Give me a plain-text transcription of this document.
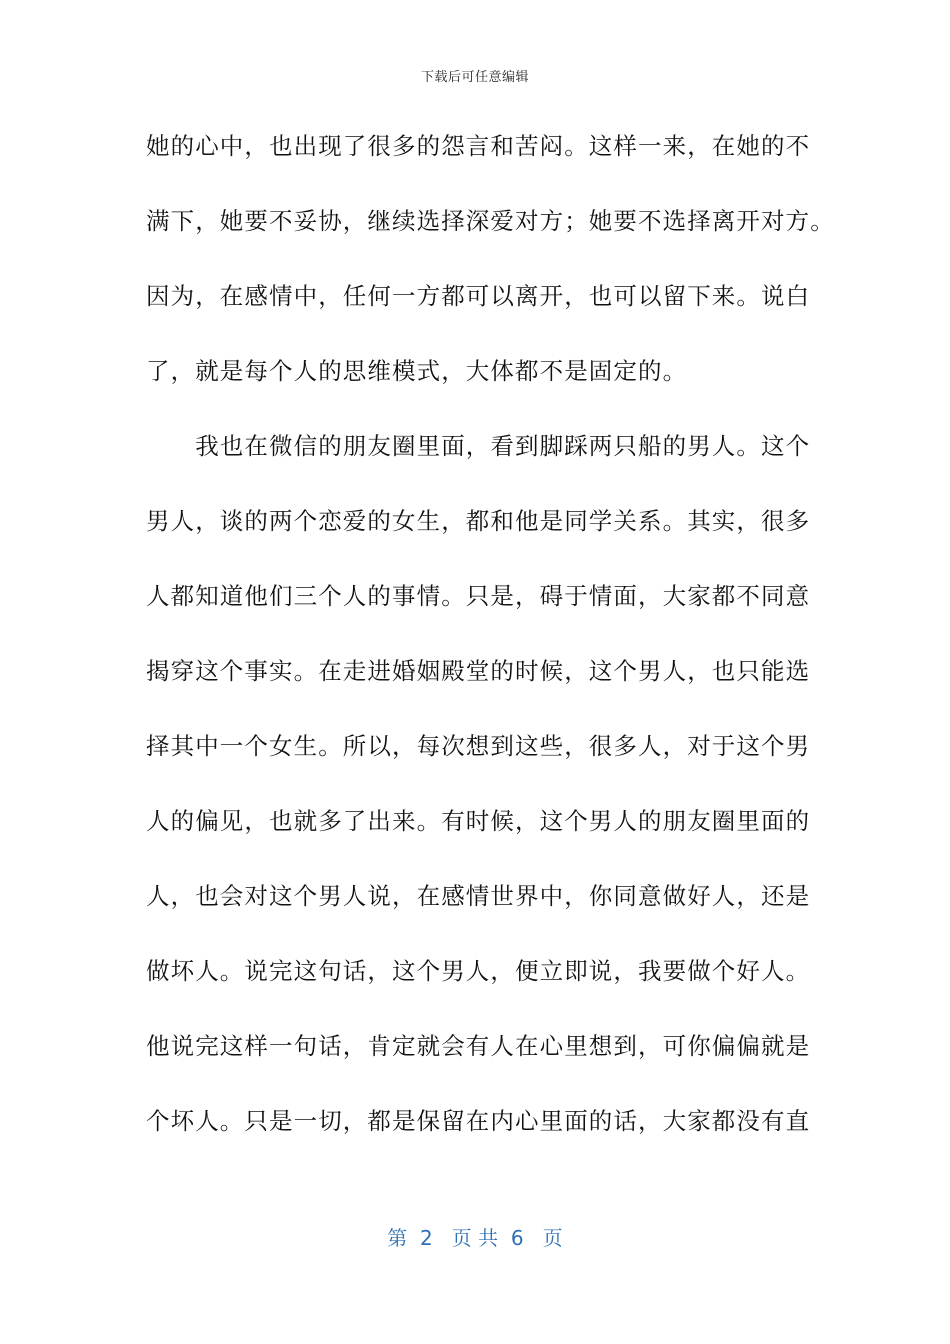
下载后可任意编辑
她的心中，也出现了很多的怨言和苦闷。这样一来，在她的不
满下，她要不妥协，继续选择深爱对方；她要不选择离开对方。
因为，在感情中，任何一方都可以离开，也可以留下来。说白
了，就是每个人的思维模式，大体都不是固定的。
　　我也在微信的朋友圈里面，看到脚踩两只船的男人。这个
男人，谈的两个恋爱的女生，都和他是同学关系。其实，很多
人都知道他们三个人的事情。只是，碍于情面，大家都不同意
揭穿这个事实。在走进婚姻殿堂的时候，这个男人，也只能选
择其中一个女生。所以，每次想到这些，很多人，对于这个男
人的偏见，也就多了出来。有时候，这个男人的朋友圈里面的
人，也会对这个男人说，在感情世界中，你同意做好人，还是
做坏人。说完这句话，这个男人，便立即说，我要做个好人。
他说完这样一句话，肯定就会有人在心里想到，可你偏偏就是
个坏人。只是一切，都是保留在内心里面的话，大家都没有直
第  2   页 共  6   页
